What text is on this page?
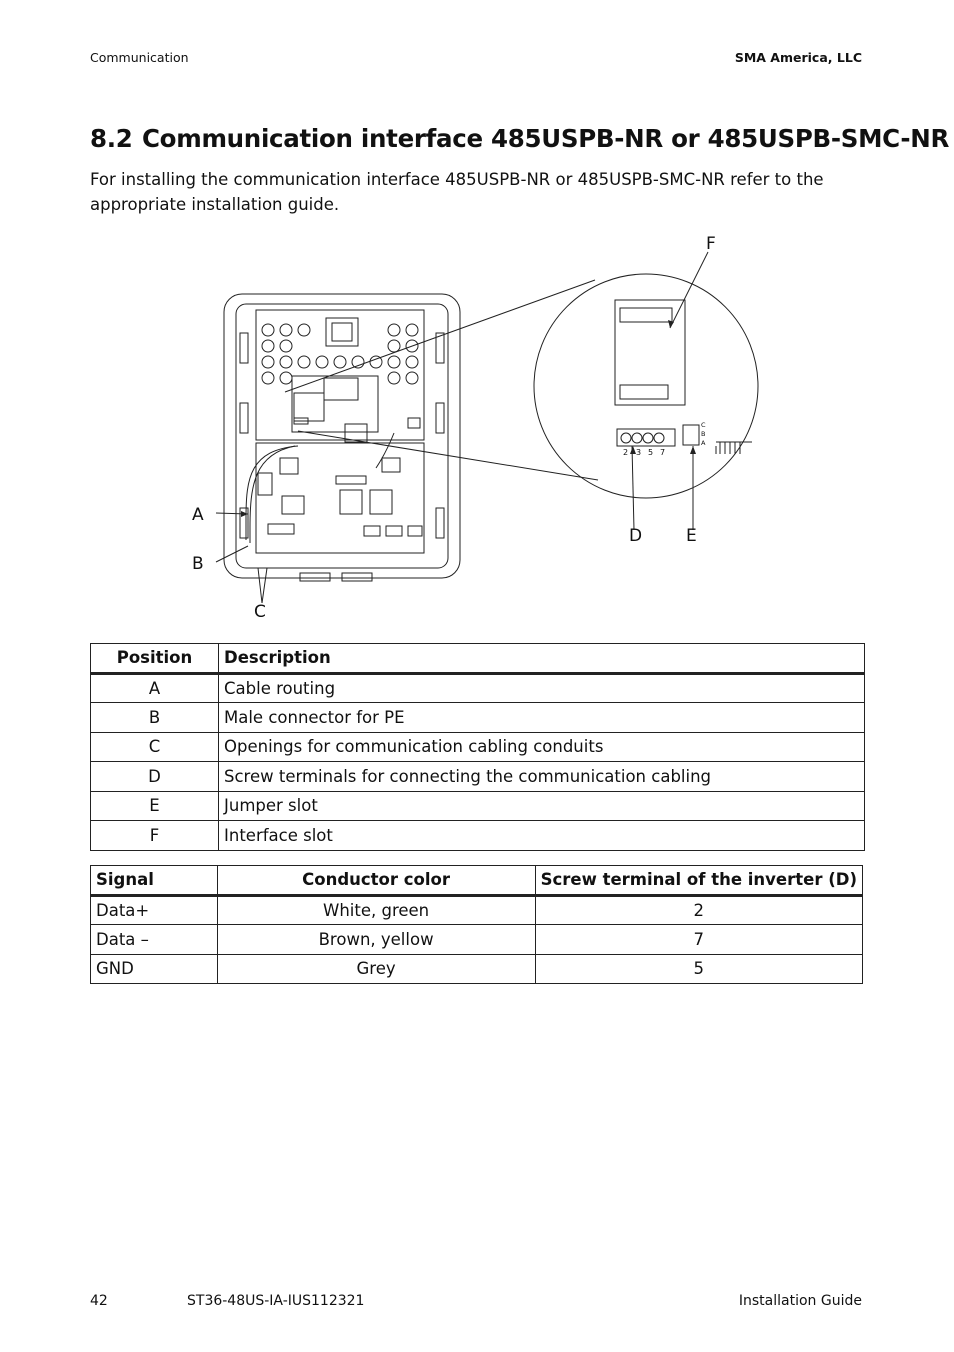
Communication	SMA America, LLC
8.2 Communication interface 485USPB-NR or 485USPB-SMC-NR

For installing the communication interface 485USPB-NR or 485USPB-SMC-NR refer to the appropriate installation guide.

A
B
C
D	E
F
2 3 5 7
C
B
A
Position	Description
A	Cable routing
B	Male connector for PE
C	Openings for communication cabling conduits
D	Screw terminals for connecting the communication cabling
E	Jumper slot
F	Interface slot
Signal	Conductor color	Screw terminal of the inverter (D)
Data+	White, green	2
Data –	Brown, yellow	7
GND	Grey	5
42	ST36-48US-IA-IUS112321	Installation Guide
